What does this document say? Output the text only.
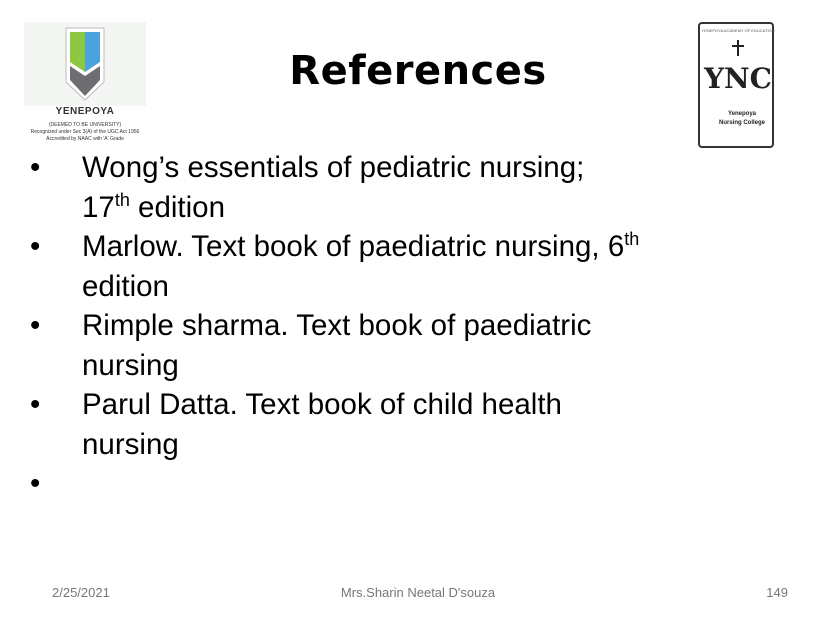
YENEPOYA
(DEEMED TO BE UNIVERSITY)
Recognized under Sec 3(A) of the UGC Act 1956
Accredited by NAAC with 'A' Grade
References
YENEPOYA ACADEMY OF EDUCATION
YNC
Yenepoya
Nursing College
• Wong’s essentials of pediatric nursing;
17th edition
• Marlow. Text book of paediatric nursing, 6th
edition
• Rimple sharma. Text book of paediatric
nursing
• Parul Datta. Text book of child health
nursing
•
2/25/2021	Mrs.Sharin Neetal D'souza	149
